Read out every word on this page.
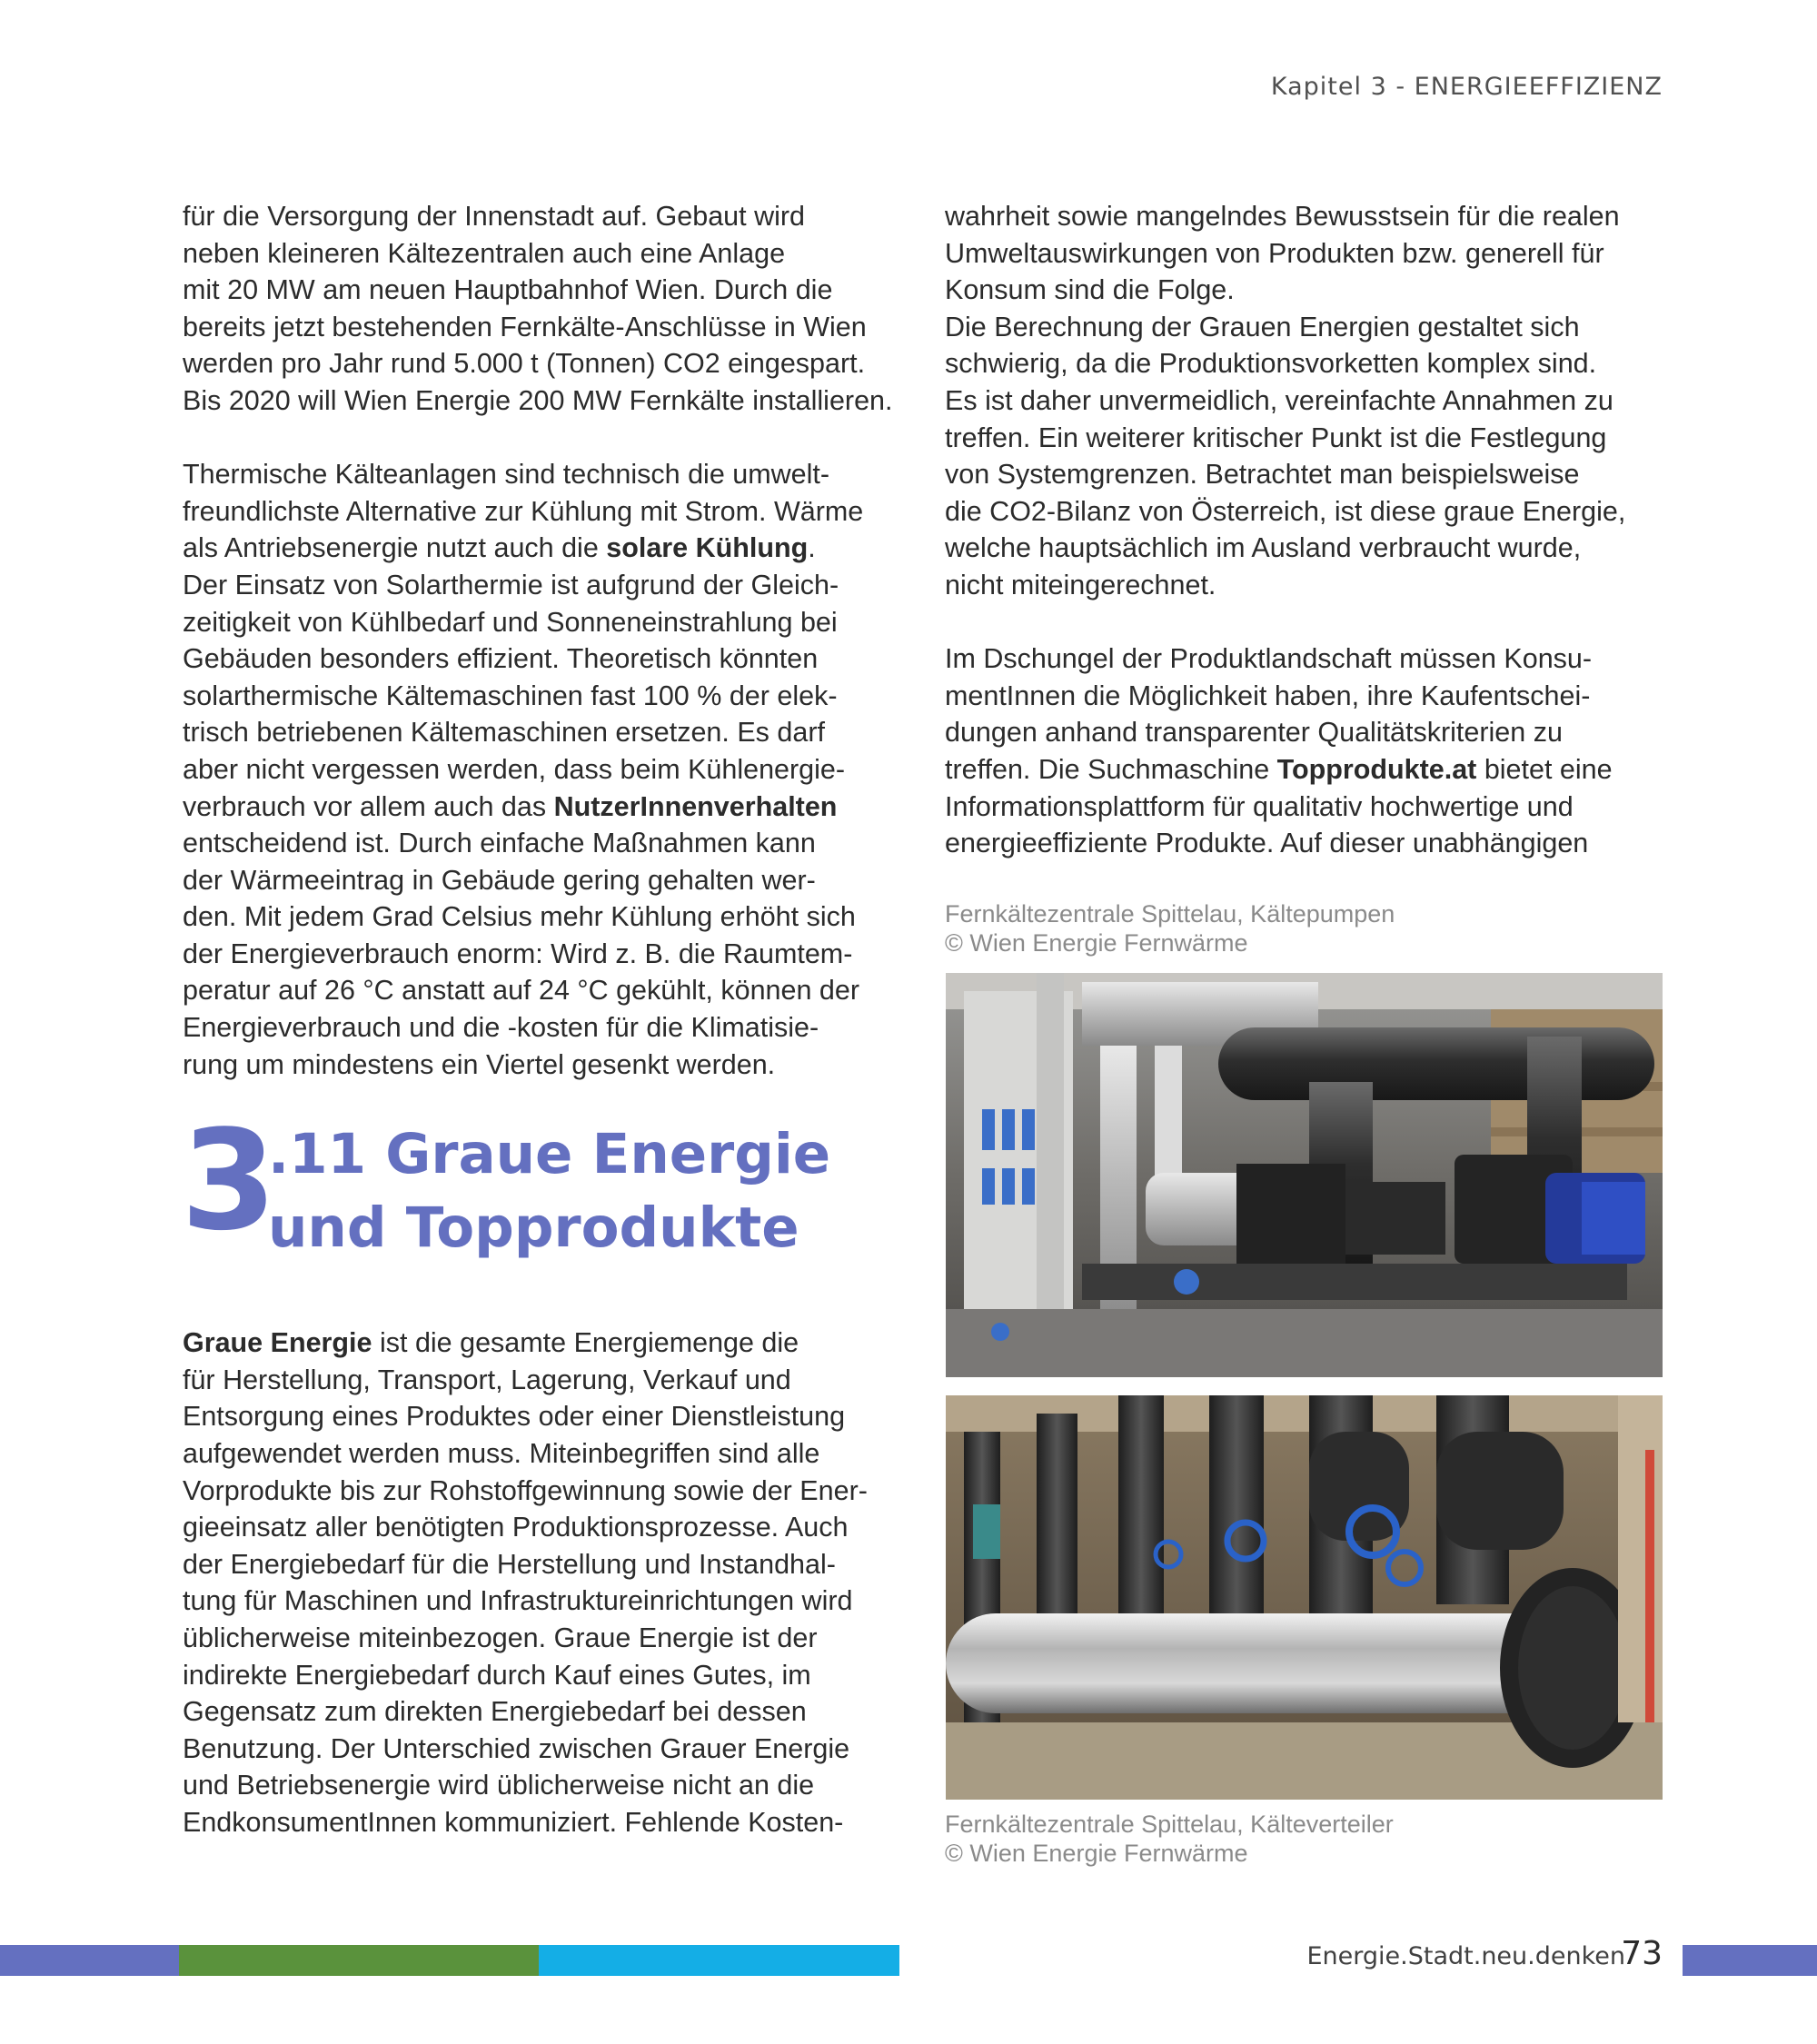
Kapitel 3 - ENERGIEEFFIZIENZ
für die Versorgung der Innenstadt auf. Gebaut wird
neben kleineren Kältezentralen auch eine Anlage
mit 20 MW am neuen Hauptbahnhof Wien. Durch die
bereits jetzt bestehenden Fernkälte-Anschlüsse in Wien
werden pro Jahr rund 5.000 t (Tonnen) CO2 eingespart.
Bis 2020 will Wien Energie 200 MW Fernkälte installieren.
Thermische Kälteanlagen sind technisch die umwelt-
freundlichste Alternative zur Kühlung mit Strom. Wärme
als Antriebsenergie nutzt auch die solare Kühlung.
Der Einsatz von Solarthermie ist aufgrund der Gleich-
zeitigkeit von Kühlbedarf und Sonneneinstrahlung bei
Gebäuden besonders effizient. Theoretisch könnten
solarthermische Kältemaschinen fast 100 % der elek-
trisch betriebenen Kältemaschinen ersetzen. Es darf
aber nicht vergessen werden, dass beim Kühlenergie-
verbrauch vor allem auch das NutzerInnenverhalten
entscheidend ist. Durch einfache Maßnahmen kann
der Wärmeeintrag in Gebäude gering gehalten wer-
den. Mit jedem Grad Celsius mehr Kühlung erhöht sich
der Energieverbrauch enorm: Wird z. B. die Raumtem-
peratur auf 26 °C anstatt auf 24 °C gekühlt, können der
Energieverbrauch und die -kosten für die Klimatisie-
rung um mindestens ein Viertel gesenkt werden.
3
.11 Graue Energie
und Topprodukte
Graue Energie ist die gesamte Energiemenge die
für Herstellung, Transport, Lagerung, Verkauf und
Entsorgung eines Produktes oder einer Dienstleistung
aufgewendet werden muss. Miteinbegriffen sind alle
Vorprodukte bis zur Rohstoffgewinnung sowie der Ener-
gieeinsatz aller benötigten Produktionsprozesse. Auch
der Energiebedarf für die Herstellung und Instandhal-
tung für Maschinen und Infrastruktureinrichtungen wird
üblicherweise miteinbezogen. Graue Energie ist der
indirekte Energiebedarf durch Kauf eines Gutes, im
Gegensatz zum direkten Energiebedarf bei dessen
Benutzung. Der Unterschied zwischen Grauer Energie
und Betriebsenergie wird üblicherweise nicht an die
EndkonsumentInnen kommuniziert. Fehlende Kosten-
wahrheit sowie mangelndes Bewusstsein für die realen
Umweltauswirkungen von Produkten bzw. generell für
Konsum sind die Folge.
Die Berechnung der Grauen Energien gestaltet sich
schwierig, da die Produktionsvorketten komplex sind.
Es ist daher unvermeidlich, vereinfachte Annahmen zu
treffen. Ein weiterer kritischer Punkt ist die Festlegung
von Systemgrenzen. Betrachtet man beispielsweise
die CO2-Bilanz von Österreich, ist diese graue Energie,
welche hauptsächlich im Ausland verbraucht wurde,
nicht miteingerechnet.
Im Dschungel der Produktlandschaft müssen Konsu-
mentInnen die Möglichkeit haben, ihre Kaufentschei-
dungen anhand transparenter Qualitätskriterien zu
treffen. Die Suchmaschine Topprodukte.at bietet eine
Informationsplattform für qualitativ hochwertige und
energieeffiziente Produkte. Auf dieser unabhängigen
Fernkältezentrale Spittelau, Kältepumpen
© Wien Energie Fernwärme
Fernkältezentrale Spittelau, Kälteverteiler
© Wien Energie Fernwärme
Energie.Stadt.neu.denken
73
